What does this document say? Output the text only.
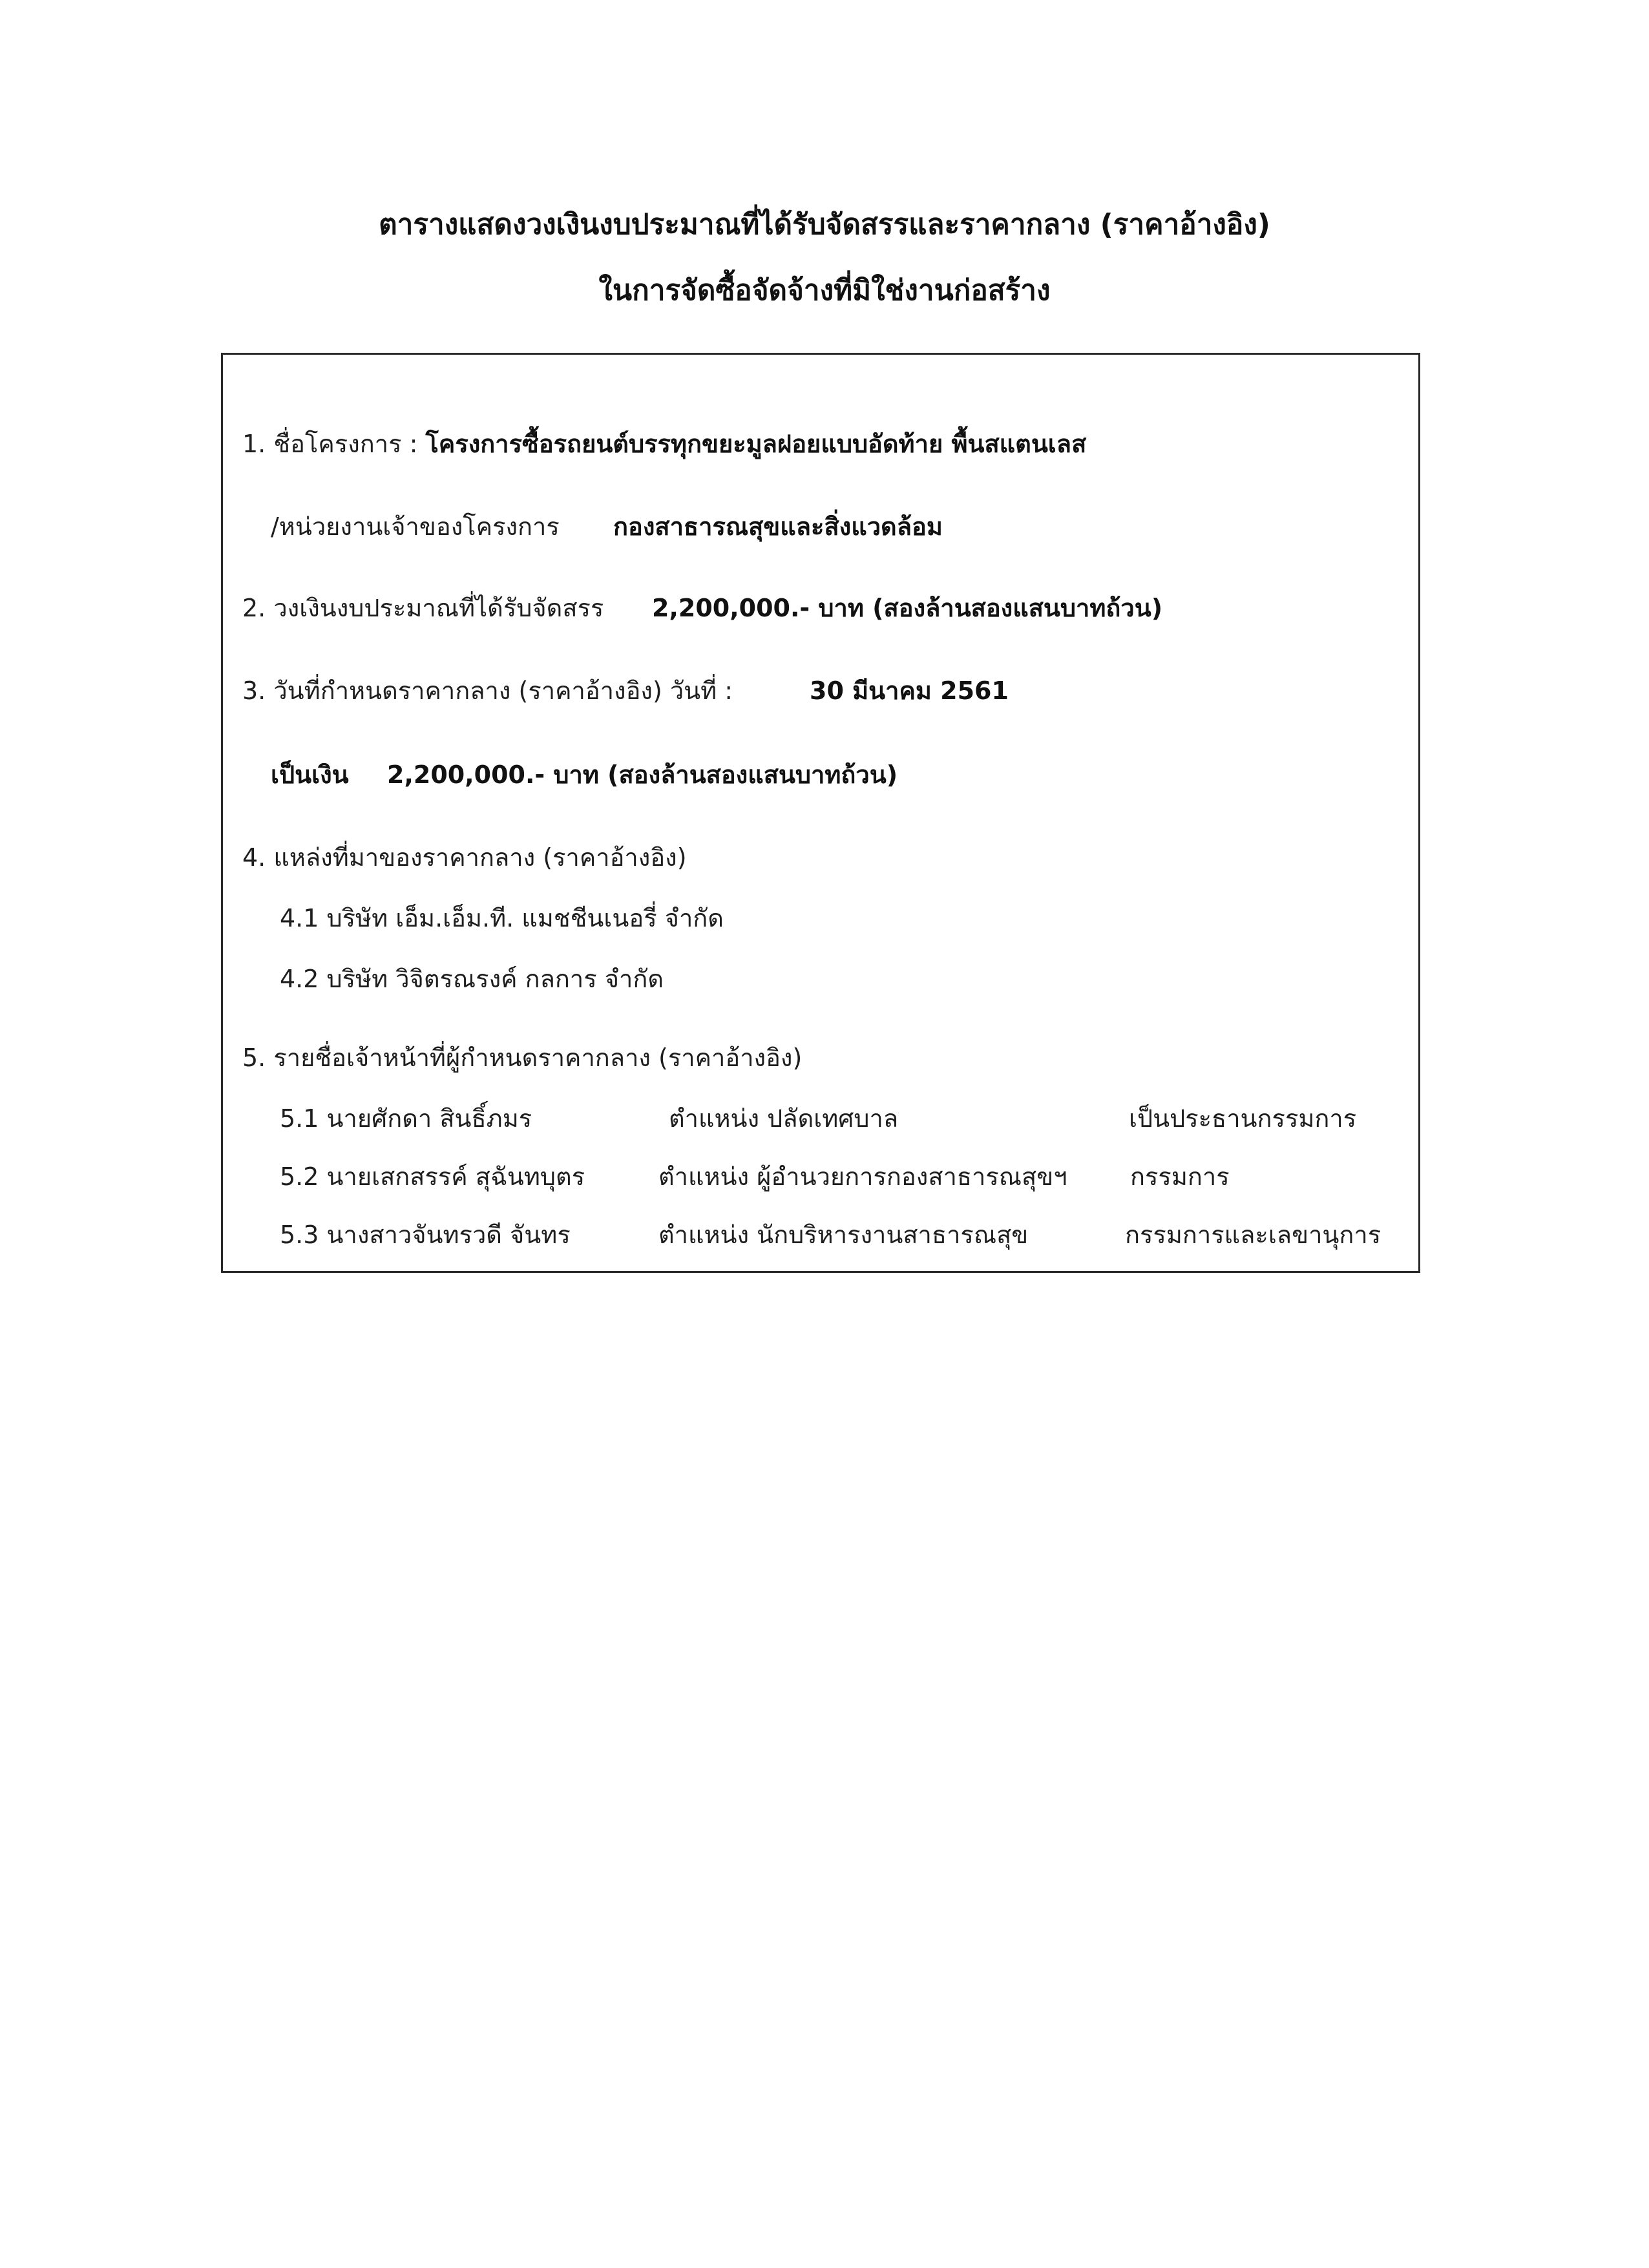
ตารางแสดงวงเงินงบประมาณที่ได้รับจัดสรรและราคากลาง (ราคาอ้างอิง)
ในการจัดซื้อจัดจ้างที่มิใช่งานก่อสร้าง
1. ชื่อโครงการ : โครงการซื้อรถยนต์บรรทุกขยะมูลฝอยแบบอัดท้าย พื้นสแตนเลส
/หน่วยงานเจ้าของโครงการ กองสาธารณสุขและสิ่งแวดล้อม
2. วงเงินงบประมาณที่ได้รับจัดสรร 2,200,000.- บาท (สองล้านสองแสนบาทถ้วน)
3. วันที่กำหนดราคากลาง (ราคาอ้างอิง) วันที่ :	30 มีนาคม 2561
เป็นเงิน 2,200,000.- บาท (สองล้านสองแสนบาทถ้วน)
4. แหล่งที่มาของราคากลาง (ราคาอ้างอิง)
4.1 บริษัท เอ็ม.เอ็ม.ที. แมชชีนเนอรี่ จำกัด
4.2 บริษัท วิจิตรณรงค์ กลการ จำกัด
5. รายชื่อเจ้าหน้าที่ผู้กำหนดราคากลาง (ราคาอ้างอิง)
5.1 นายศักดา สินธิ์ภมร	ตำแหน่ง ปลัดเทศบาล	เป็นประธานกรรมการ
5.2 นายเสกสรรค์ สุฉันทบุตร	ตำแหน่ง ผู้อำนวยการกองสาธารณสุขฯ	กรรมการ
5.3 นางสาวจันทรวดี จันทร	ตำแหน่ง นักบริหารงานสาธารณสุข	กรรมการและเลขานุการ
